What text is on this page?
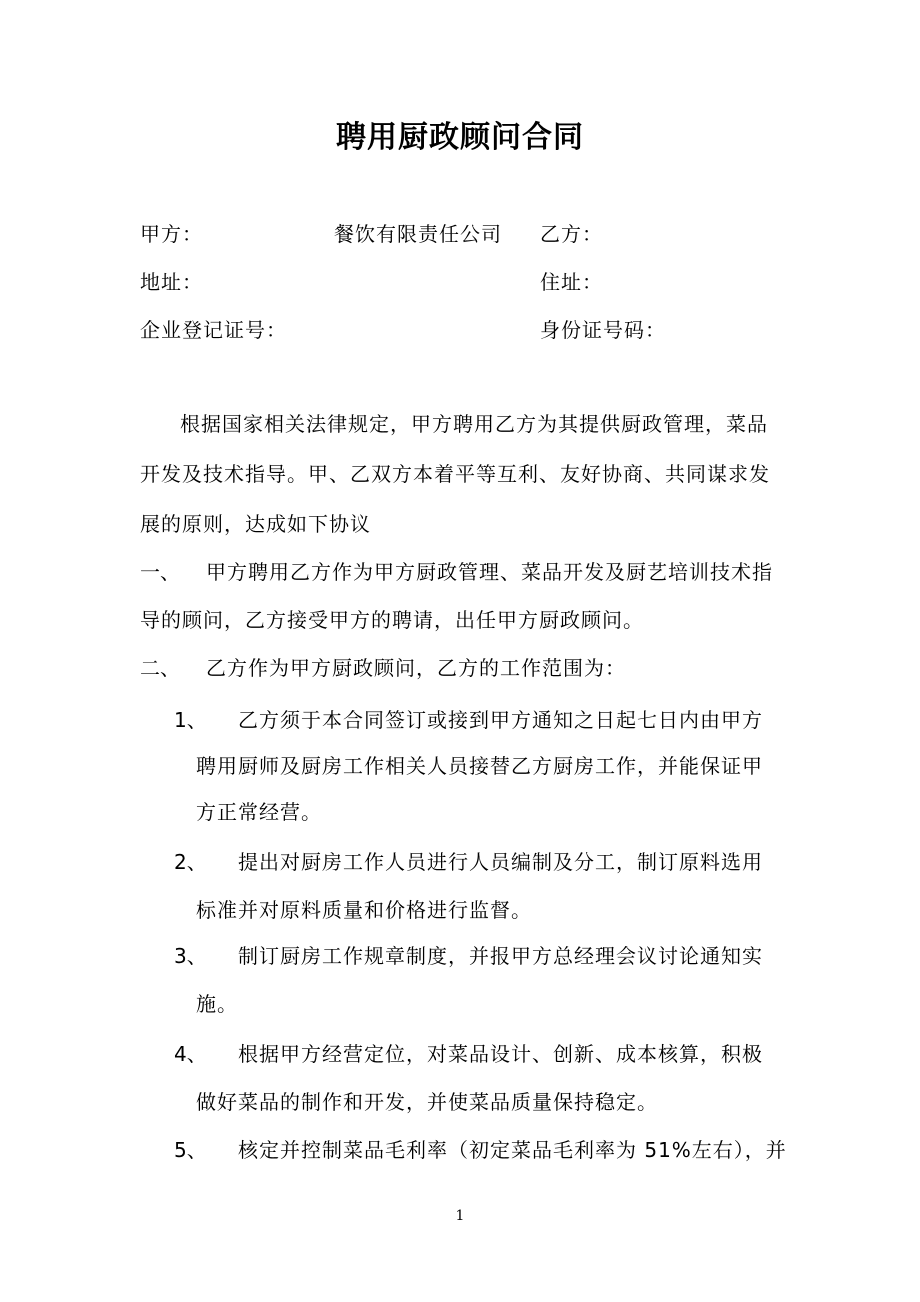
聘用厨政顾问合同
甲方：	餐饮有限责任公司 乙方：
地址：	住址：
企业登记证号：	身份证号码：
根据国家相关法律规定，甲方聘用乙方为其提供厨政管理，菜品
开发及技术指导。甲、乙双方本着平等互利、友好协商、共同谋求发
展的原则，达成如下协议
一、 甲方聘用乙方作为甲方厨政管理、菜品开发及厨艺培训技术指
导的顾问，乙方接受甲方的聘请，出任甲方厨政顾问。
二、 乙方作为甲方厨政顾问，乙方的工作范围为：
1、 乙方须于本合同签订或接到甲方通知之日起七日内由甲方
聘用厨师及厨房工作相关人员接替乙方厨房工作，并能保证甲
方正常经营。
2、 提出对厨房工作人员进行人员编制及分工，制订原料选用
标准并对原料质量和价格进行监督。
3、 制订厨房工作规章制度，并报甲方总经理会议讨论通知实
施。
4、 根据甲方经营定位，对菜品设计、创新、成本核算，积极
做好菜品的制作和开发，并使菜品质量保持稳定。
5、 核定并控制菜品毛利率（初定菜品毛利率为 51%左右），并
1
